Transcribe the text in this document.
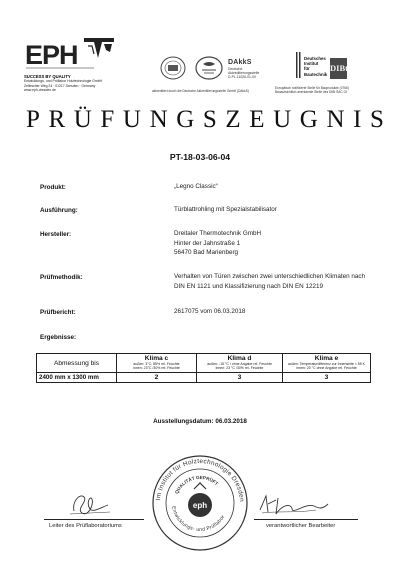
EPH
SUCCESS BY QUALITY
Entwicklungs- und Prüflabor Holztechnologie GmbH
Zellescher Weg 24 · 01217 Dresden · Germany
www.eph-dresden.de
DAkkS
Deutsche
Akkreditierungsstelle
D-PL-11026-01-00
akkreditiert durch die Deutsche Akkreditierungsstelle GmbH (DAkkS)
Deutsches
Institut
für
Bautechnik
DIBt
Europäisch notifizierte Stelle für Bauprodukte (0766)
Bauaufsichtlich anerkannte Stelle des DIBt SAC 02
PRÜFUNGSZEUGNIS
PT-18-03-06-04
Produkt:	„Legno Classic“
Ausführung:	Türblattrohling mit Spezialstabilisator
Hersteller:	Dreitaler Thermotechnik GmbH
Hinter der Jahnstraße 1
56470 Bad Marienberg
Prüfmethodik:	Verhalten von Türen zwischen zwei unterschiedlichen Klimaten nach
DIN EN 1121 und Klassifizierung nach DIN EN 12219
Prüfbericht:	2617075 vom 06.03.2018
Ergebnisse:
Abmessung bis	Klima c
außen: 3°C; 85% rel. Feuchte
innen: 23°C /30% rel. Feuchte	Klima d
außen: -15 °C / ohne Angabe rel. Feuchte
innen: 23 °C /30% rel. Feuchte	Klima e
außen: Temperaturdifferenz zur Innenseite = 55 K
innen: 20 °C ohne Angabe rel. Feuchte

2400 mm x 1300 mm	2	3	3
Ausstellungsdatum: 06.03.2018
Leiter des Prüflaboratoriums	verantwortlicher Bearbeiter
Im Institut für Holztechnologie Dresden
QUALITÄT GEPRÜFT
Entwicklungs- und Prüflabor
eph
